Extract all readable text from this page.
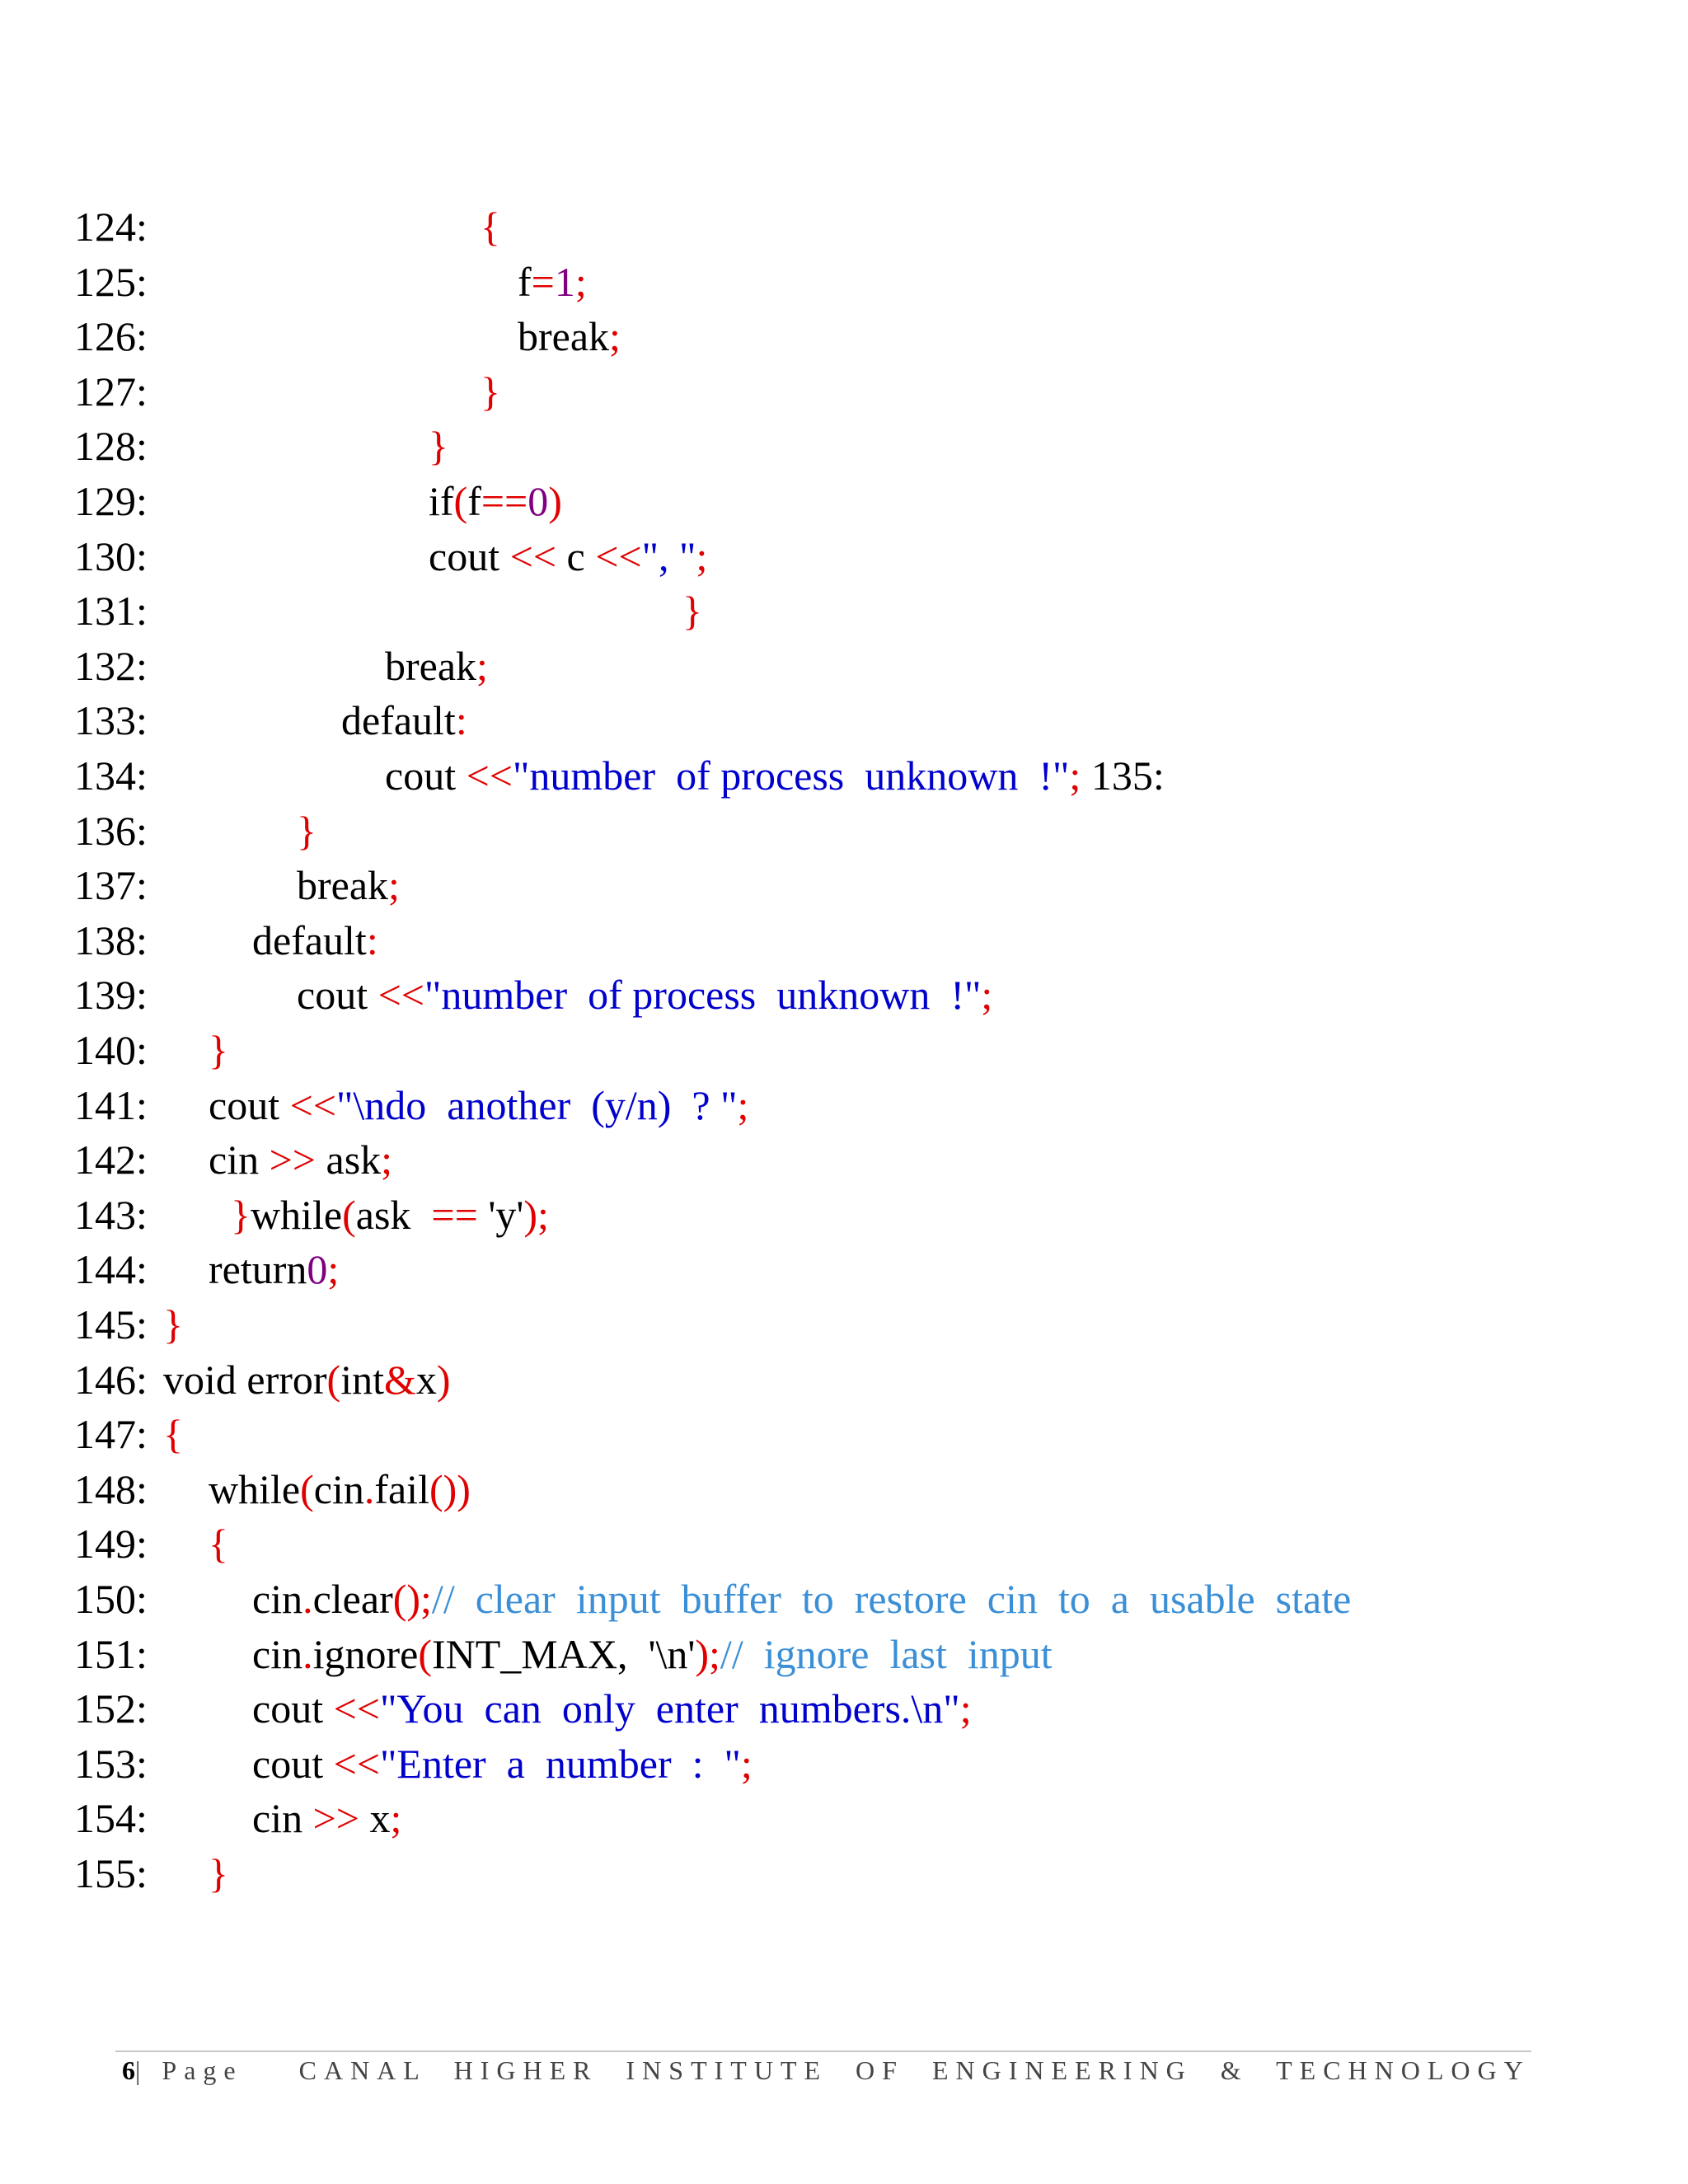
124:	{
125:	f=1;
126:	break;
127:	}
128:	}
129:	if(f==0)
130:	cout << c <<", ";
131:	}
132:	break;
133:	default:
134:	cout <<"number  of process  unknown  !"; 135:
136:	}
137:	break;
138:	default:
139:	cout <<"number  of process  unknown  !";
140: }
141: cout <<"\ndo  another  (y/n)  ? ";
142: cin >> ask;
143: }while(ask  == 'y');
144: return0;
145: }
146: void error(int&x)
147: {
148: while(cin.fail())
149: {
150:	cin.clear();//  clear  input  buffer  to  restore  cin  to  a  usable  state
151:	cin.ignore(INT_MAX,  '\n');//  ignore  last  input
152:	cout <<"You  can  only  enter  numbers.\n";
153:	cout <<"Enter  a  number  :  ";
154:	cin >> x;
155: }
6| Page CANAL  HIGHER  INSTITUTE  OF  ENGINEERING  &  TECHNOLOGY
